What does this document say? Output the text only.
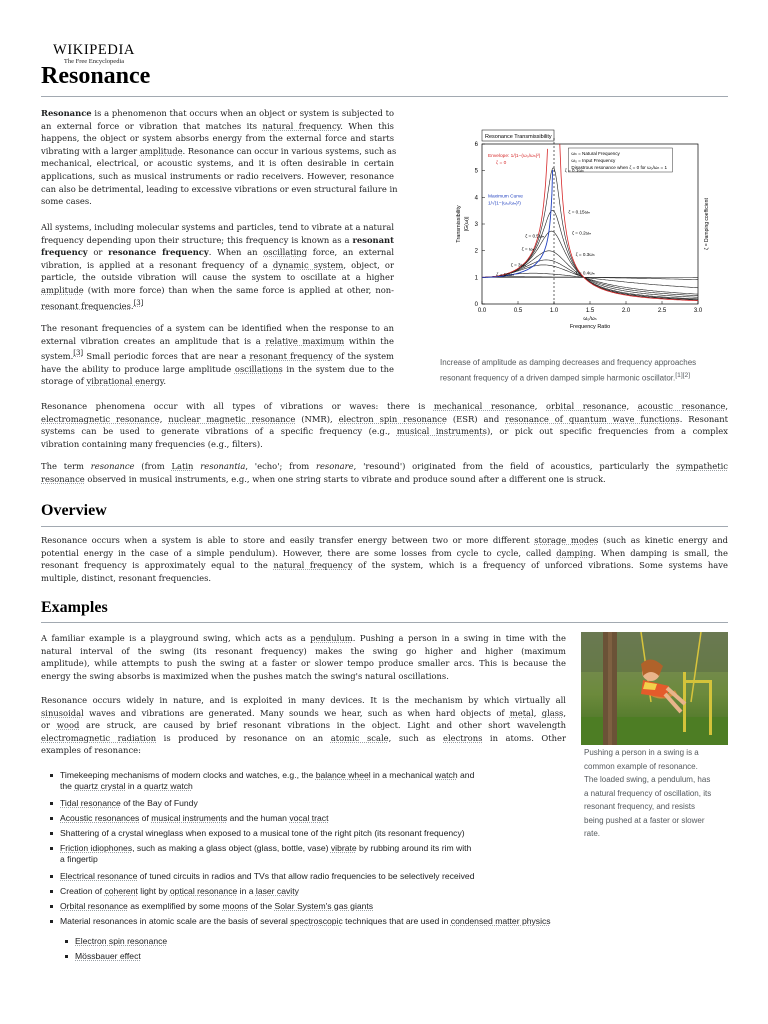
WIKIPEDIA
The Free Encyclopedia
Resonance
Resonance is a phenomenon that occurs when an object or system is subjected to
an external force or vibration that matches its natural frequency. When this
happens, the object or system absorbs energy from the external force and starts
vibrating with a larger amplitude. Resonance can occur in various systems, such as
mechanical, electrical, or acoustic systems, and it is often desirable in certain
applications, such as musical instruments or radio receivers. However, resonance
can also be detrimental, leading to excessive vibrations or even structural failure in
some cases.
All systems, including molecular systems and particles, tend to vibrate at a natural
frequency depending upon their structure; this frequency is known as a resonant
frequency or resonance frequency. When an oscillating force, an external
vibration, is applied at a resonant frequency of a dynamic system, object, or
particle, the outside vibration will cause the system to oscillate at a higher
amplitude (with more force) than when the same force is applied at other, non-
resonant frequencies.[3]
The resonant frequencies of a system can be identified when the response to an
external vibration creates an amplitude that is a relative maximum within the
system.[3] Small periodic forces that are near a resonant frequency of the system
have the ability to produce large amplitude oscillations in the system due to the
storage of vibrational energy.
Resonance Transmissibility
0.0	0.5	1.0	1.5	2.0	2.5	3.0
0
1
2
3
4
5
6
ω₀/ωₙ
Frequency Ratio
Transmissibility |G(ω)|	ζ = Damping coefficient
ωₙ = Natural Frequency
ω₀ = Input Frequency
Disastrous resonance when ζ = 0 for ω₀/ωₙ = 1
Envelope: 1/|1−(ω₀/ωₙ)²|
ζ = 0
Maximum Curve
1/√(1−(ω₀/ωₙ)²)
ζ = 0.1ωₙ
ζ = 0.15ωₙ
ζ = 0.2ωₙ
ζ = 0.3ωₙ
ζ = 0.4ωₙ
ζ = 0.5ωₙ
ζ = ωₙ
ζ = 3ωₙ
ζ = 10ωₙ
Increase of amplitude as damping decreases and frequency approaches
resonant frequency of a driven damped simple harmonic oscillator.[1][2]
Resonance phenomena occur with all types of vibrations or waves: there is mechanical resonance, orbital resonance, acoustic resonance,
electromagnetic resonance, nuclear magnetic resonance (NMR), electron spin resonance (ESR) and resonance of quantum wave functions. Resonant
systems can be used to generate vibrations of a specific frequency (e.g., musical instruments), or pick out specific frequencies from a complex
vibration containing many frequencies (e.g., filters).
The term resonance (from Latin resonantia, 'echo'; from resonare, 'resound') originated from the field of acoustics, particularly the sympathetic
resonance observed in musical instruments, e.g., when one string starts to vibrate and produce sound after a different one is struck.
Overview
Resonance occurs when a system is able to store and easily transfer energy between two or more different storage modes (such as kinetic energy and
potential energy in the case of a simple pendulum). However, there are some losses from cycle to cycle, called damping. When damping is small, the
resonant frequency is approximately equal to the natural frequency of the system, which is a frequency of unforced vibrations. Some systems have
multiple, distinct, resonant frequencies.
Examples
A familiar example is a playground swing, which acts as a pendulum. Pushing a person in a swing in time with the
natural interval of the swing (its resonant frequency) makes the swing go higher and higher (maximum
amplitude), while attempts to push the swing at a faster or slower tempo produce smaller arcs. This is because the
energy the swing absorbs is maximized when the pushes match the swing's natural oscillations.
Resonance occurs widely in nature, and is exploited in many devices. It is the mechanism by which virtually all
sinusoidal waves and vibrations are generated. Many sounds we hear, such as when hard objects of metal, glass,
or wood are struck, are caused by brief resonant vibrations in the object. Light and other short wavelength
electromagnetic radiation is produced by resonance on an atomic scale, such as electrons in atoms. Other
examples of resonance:	Pushing a person in a swing is a
common example of resonance.
The loaded swing, a pendulum, has
a natural frequency of oscillation, its
resonant frequency, and resists
being pushed at a faster or slower
rate.
Timekeeping mechanisms of modern clocks and watches, e.g., the balance wheel in a mechanical watch and
the quartz crystal in a quartz watch
Tidal resonance of the Bay of Fundy
Acoustic resonances of musical instruments and the human vocal tract
Shattering of a crystal wineglass when exposed to a musical tone of the right pitch (its resonant frequency)
Friction idiophones, such as making a glass object (glass, bottle, vase) vibrate by rubbing around its rim with
a fingertip
Electrical resonance of tuned circuits in radios and TVs that allow radio frequencies to be selectively received
Creation of coherent light by optical resonance in a laser cavity
Orbital resonance as exemplified by some moons of the Solar System's gas giants
Material resonances in atomic scale are the basis of several spectroscopic techniques that are used in condensed matter physics
Electron spin resonance
Mössbauer effect
